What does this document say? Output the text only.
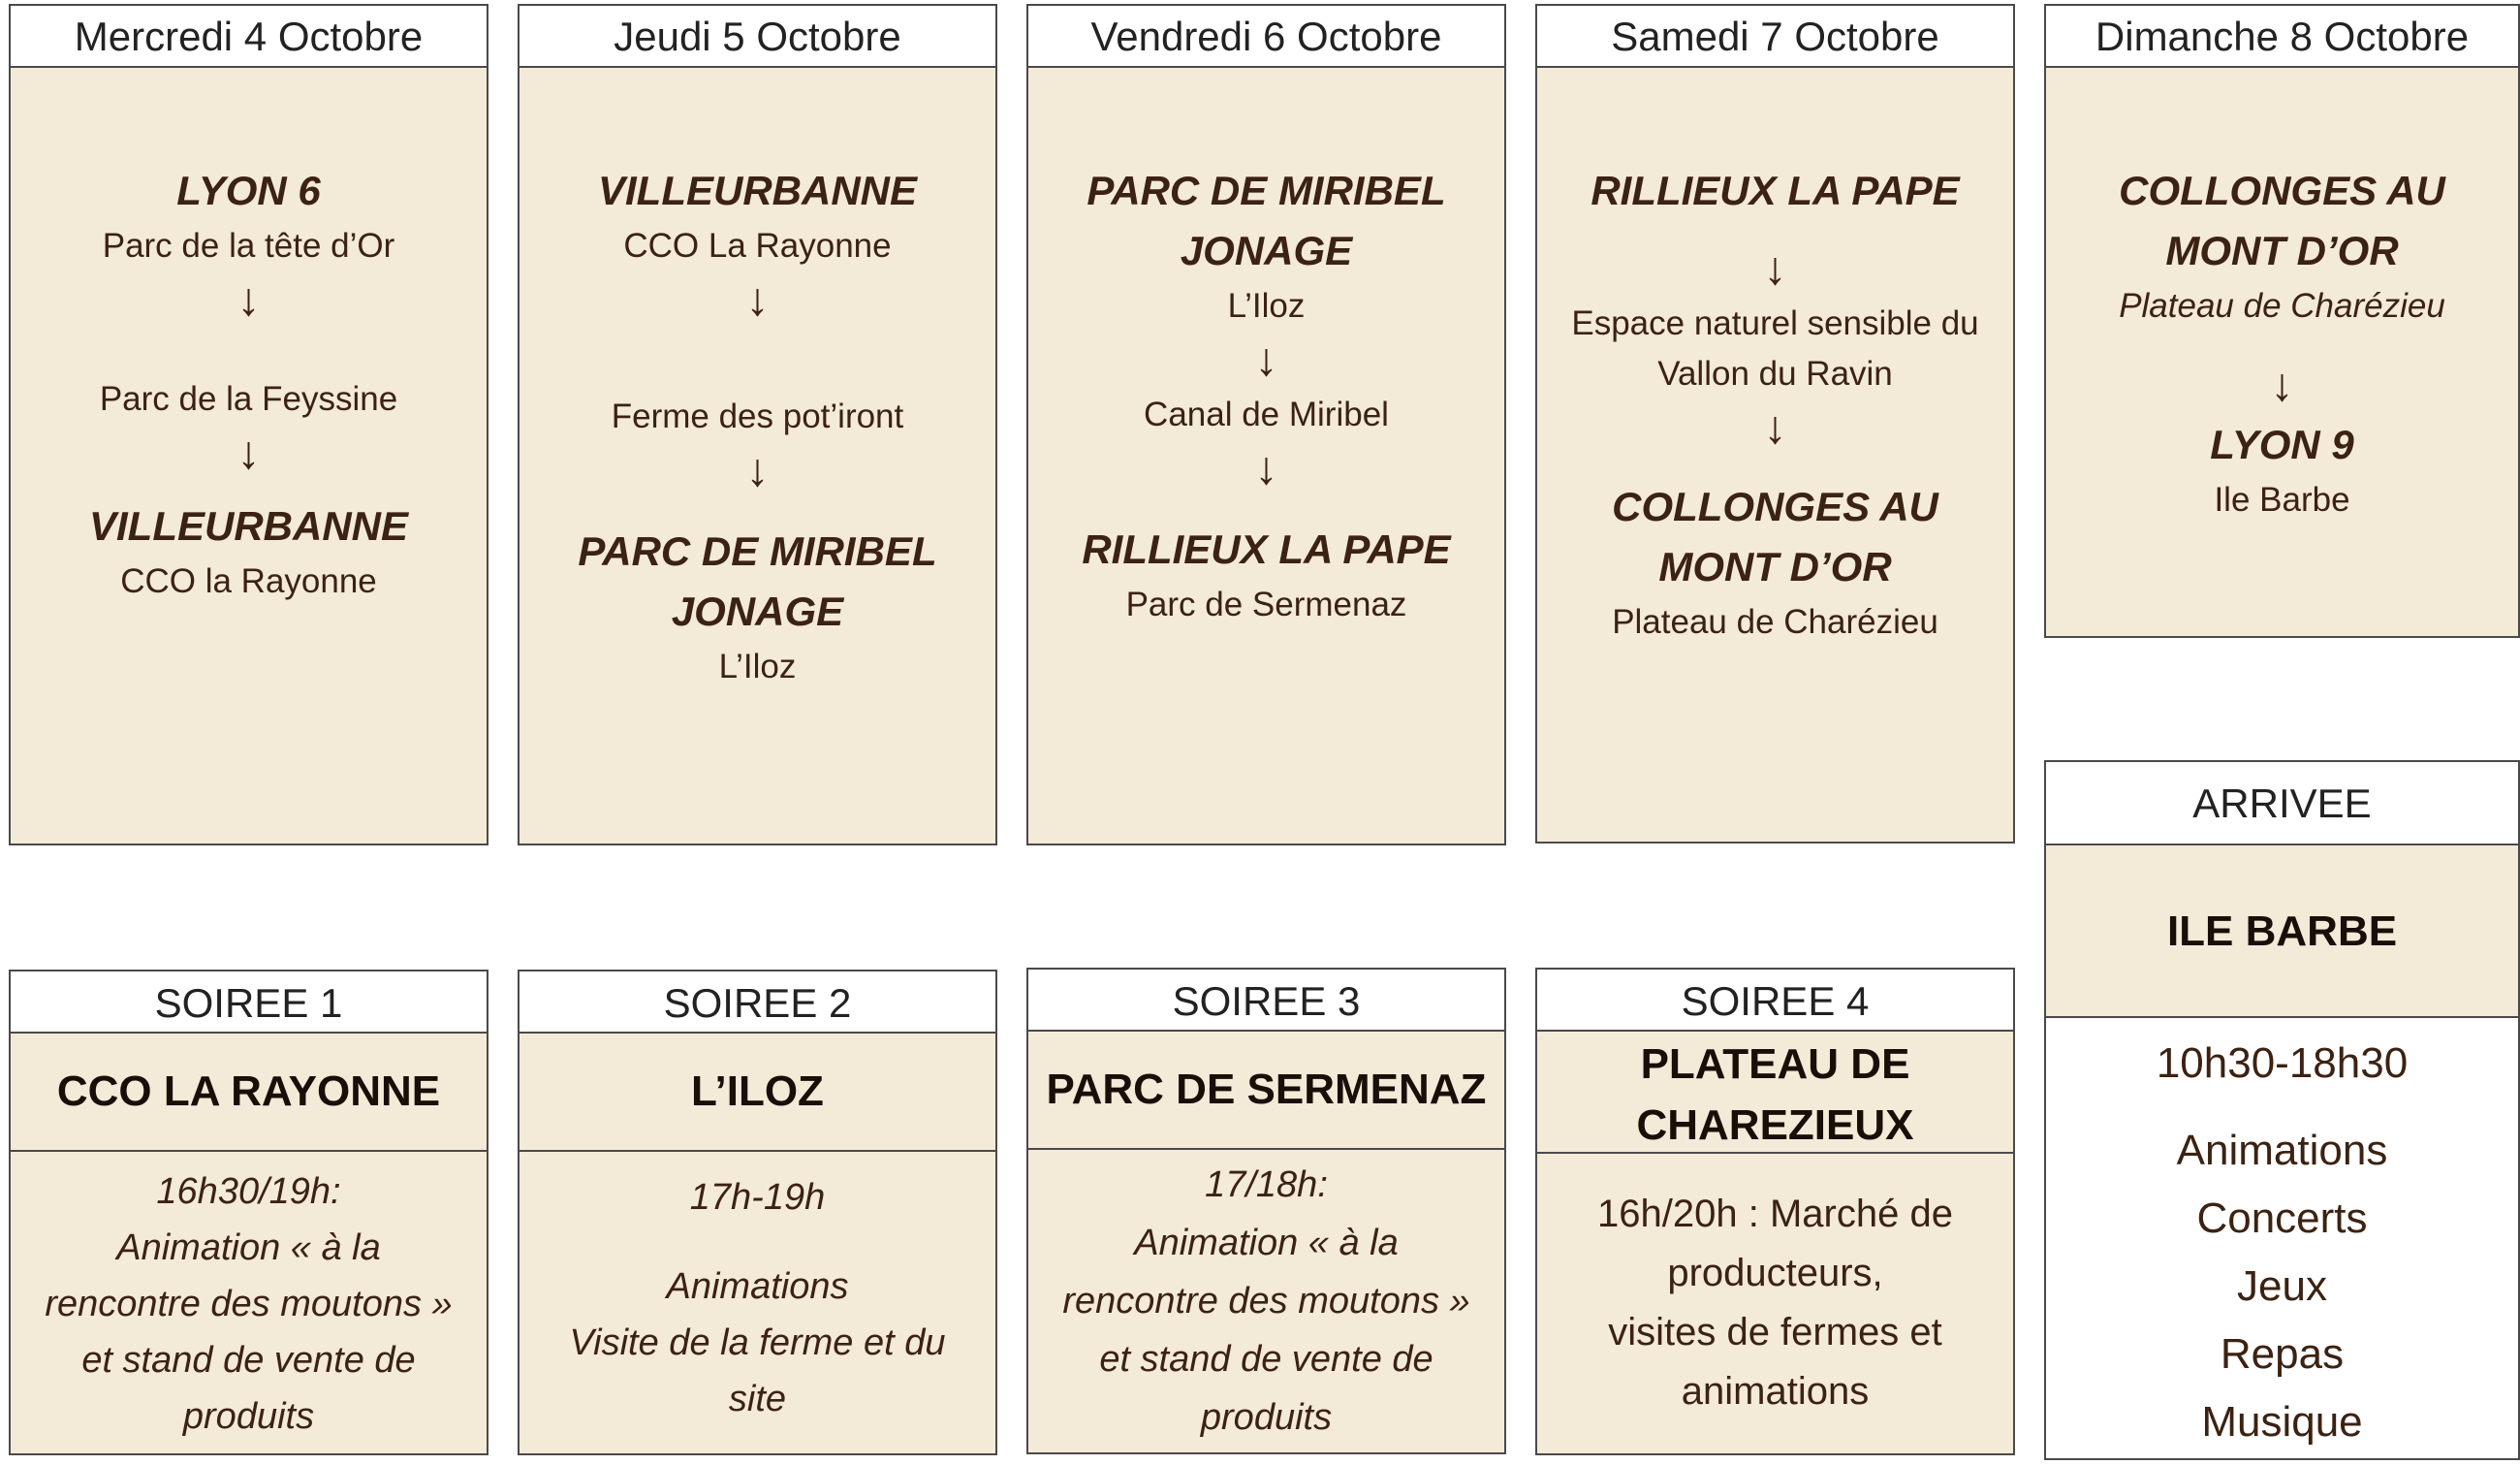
Mercredi 4 Octobre
LYON 6
Parc de la tête d’Or
↓
Parc de la Feyssine
↓
VILLEURBANNE
CCO la Rayonne
Jeudi 5 Octobre
VILLEURBANNE
CCO La Rayonne
↓
Ferme des pot’iront
↓
PARC DE MIRIBEL
JONAGE
L’Iloz
Vendredi 6 Octobre
PARC DE MIRIBEL
JONAGE
L’Iloz
↓
Canal de Miribel
↓
RILLIEUX LA PAPE
Parc de Sermenaz
Samedi 7 Octobre
RILLIEUX LA PAPE
↓
Espace naturel sensible du
Vallon du Ravin
↓
COLLONGES AU
MONT D’OR
Plateau de Charézieu
Dimanche 8 Octobre
COLLONGES AU
MONT D’OR
Plateau de Charézieu
↓
LYON 9
Ile Barbe
SOIREE 1
CCO LA RAYONNE
16h30/19h:
Animation « à la
rencontre des moutons »
et stand de vente de
produits
SOIREE 2
L’ILOZ
17h-19h
Animations
Visite de la ferme et du
site
SOIREE 3
PARC DE SERMENAZ
17/18h:
Animation « à la
rencontre des moutons »
et stand de vente de
produits
SOIREE 4
PLATEAU DE
CHAREZIEUX
16h/20h : Marché de
producteurs,
visites de fermes et
animations
ARRIVEE
ILE BARBE
10h30-18h30
Animations
Concerts
Jeux
Repas
Musique
